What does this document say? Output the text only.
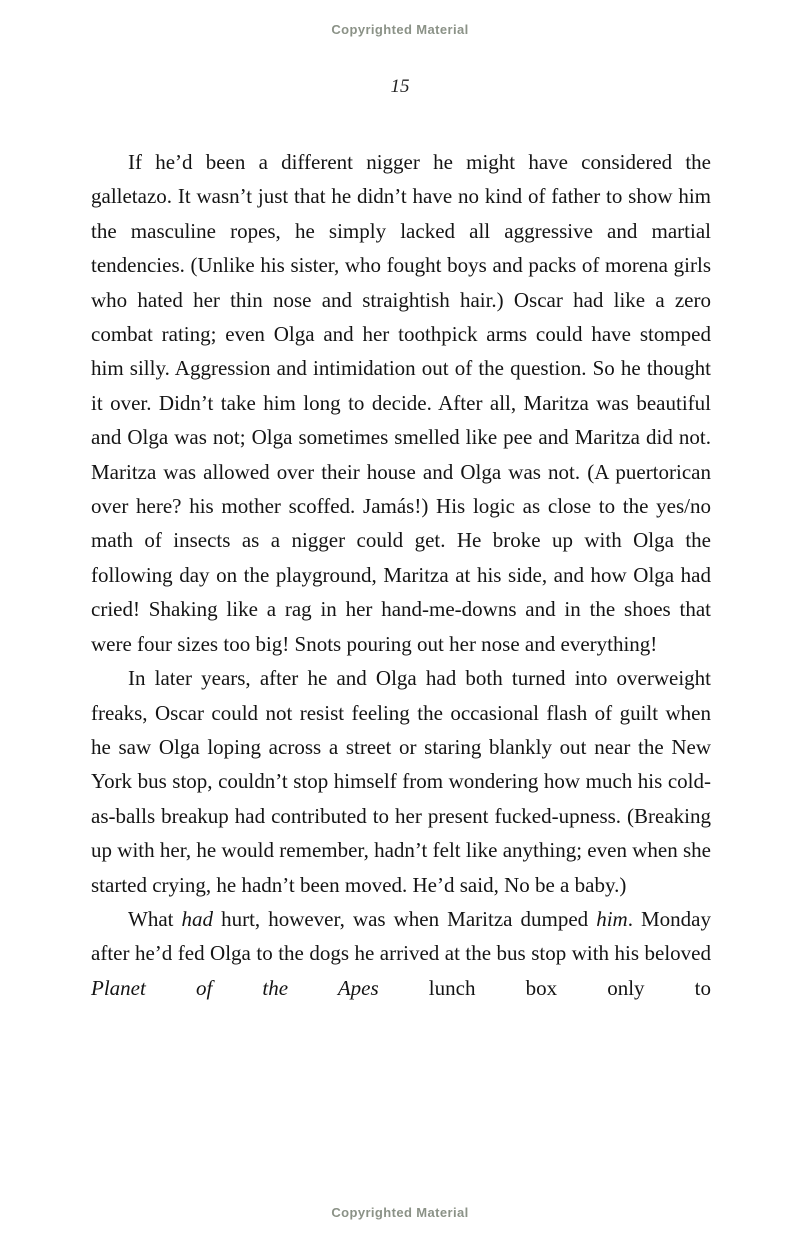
Copyrighted Material
15

If he’d been a different nigger he might have considered the galletazo. It wasn’t just that he didn’t have no kind of father to show him the masculine ropes, he simply lacked all aggressive and martial tendencies. (Unlike his sister, who fought boys and packs of morena girls who hated her thin nose and straightish hair.) Oscar had like a zero combat rating; even Olga and her toothpick arms could have stomped him silly. Aggression and intimidation out of the question. So he thought it over. Didn’t take him long to decide. After all, Maritza was beautiful and Olga was not; Olga sometimes smelled like pee and Maritza did not. Maritza was allowed over their house and Olga was not. (A puertorican over here? his mother scoffed. Jamás!) His logic as close to the yes/no math of insects as a nigger could get. He broke up with Olga the following day on the playground, Maritza at his side, and how Olga had cried! Shaking like a rag in her hand-me-downs and in the shoes that were four sizes too big! Snots pouring out her nose and everything!

In later years, after he and Olga had both turned into overweight freaks, Oscar could not resist feeling the occasional flash of guilt when he saw Olga loping across a street or staring blankly out near the New York bus stop, couldn’t stop himself from wondering how much his cold-as-balls breakup had contributed to her present fucked-upness. (Breaking up with her, he would remember, hadn’t felt like anything; even when she started crying, he hadn’t been moved. He’d said, No be a baby.)

What had hurt, however, was when Maritza dumped him. Monday after he’d fed Olga to the dogs he arrived at the bus stop with his beloved Planet of the Apes lunch box only to

Copyrighted Material
